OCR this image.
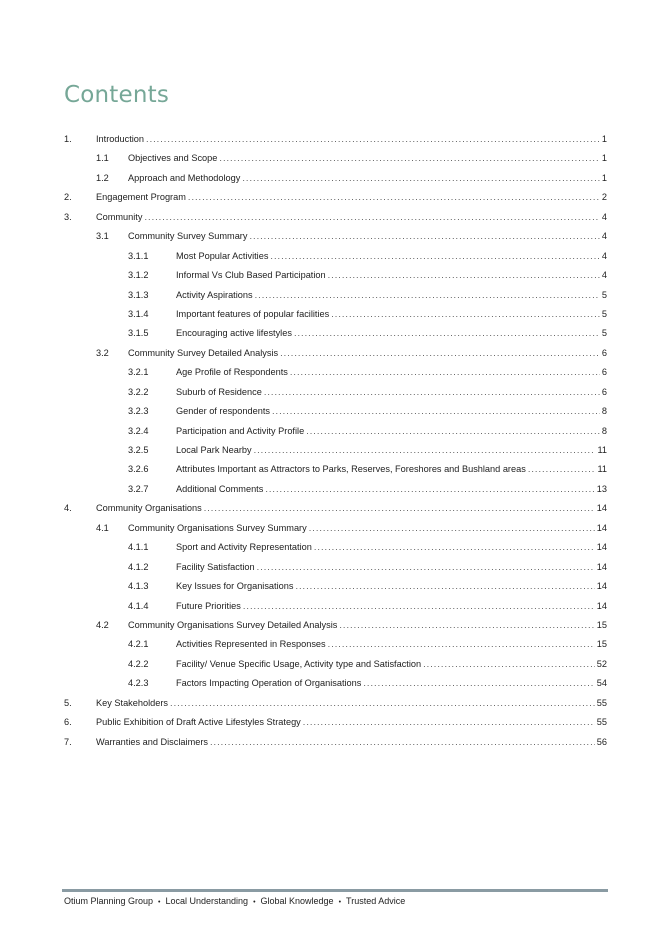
Contents
1.	Introduction .....	1
1.1 Objectives and Scope .....	1
1.2 Approach and Methodology .....	1
2.	Engagement Program .....	2
3.	Community .....	4
3.1 Community Survey Summary .....	4
3.1.1	Most Popular Activities .....	4
3.1.2	Informal Vs Club Based Participation .....	4
3.1.3	Activity Aspirations .....	5
3.1.4	Important features of popular facilities .....	5
3.1.5	Encouraging active lifestyles .....	5
3.2 Community Survey Detailed Analysis .....	6
3.2.1	Age Profile of Respondents .....	6
3.2.2	Suburb of Residence .....	6
3.2.3	Gender of respondents .....	8
3.2.4	Participation and Activity Profile .....	8
3.2.5	Local Park Nearby .....	11
3.2.6	Attributes Important as Attractors to Parks, Reserves, Foreshores and Bushland areas .....	11
3.2.7	Additional Comments .....	13
4.	Community Organisations .....	14
4.1 Community Organisations Survey Summary .....	14
4.1.1	Sport and Activity Representation .....	14
4.1.2	Facility Satisfaction .....	14
4.1.3	Key Issues for Organisations .....	14
4.1.4	Future Priorities .....	14
4.2 Community Organisations Survey Detailed Analysis .....	15
4.2.1	Activities Represented in Responses .....	15
4.2.2	Facility/ Venue Specific Usage, Activity type and Satisfaction .....	52
4.2.3	Factors Impacting Operation of Organisations .....	54
5.	Key Stakeholders .....	55
6.	Public Exhibition of Draft Active Lifestyles Strategy .....	55
7.	Warranties and Disclaimers .....	56
Otium Planning Group • Local Understanding • Global Knowledge • Trusted Advice
